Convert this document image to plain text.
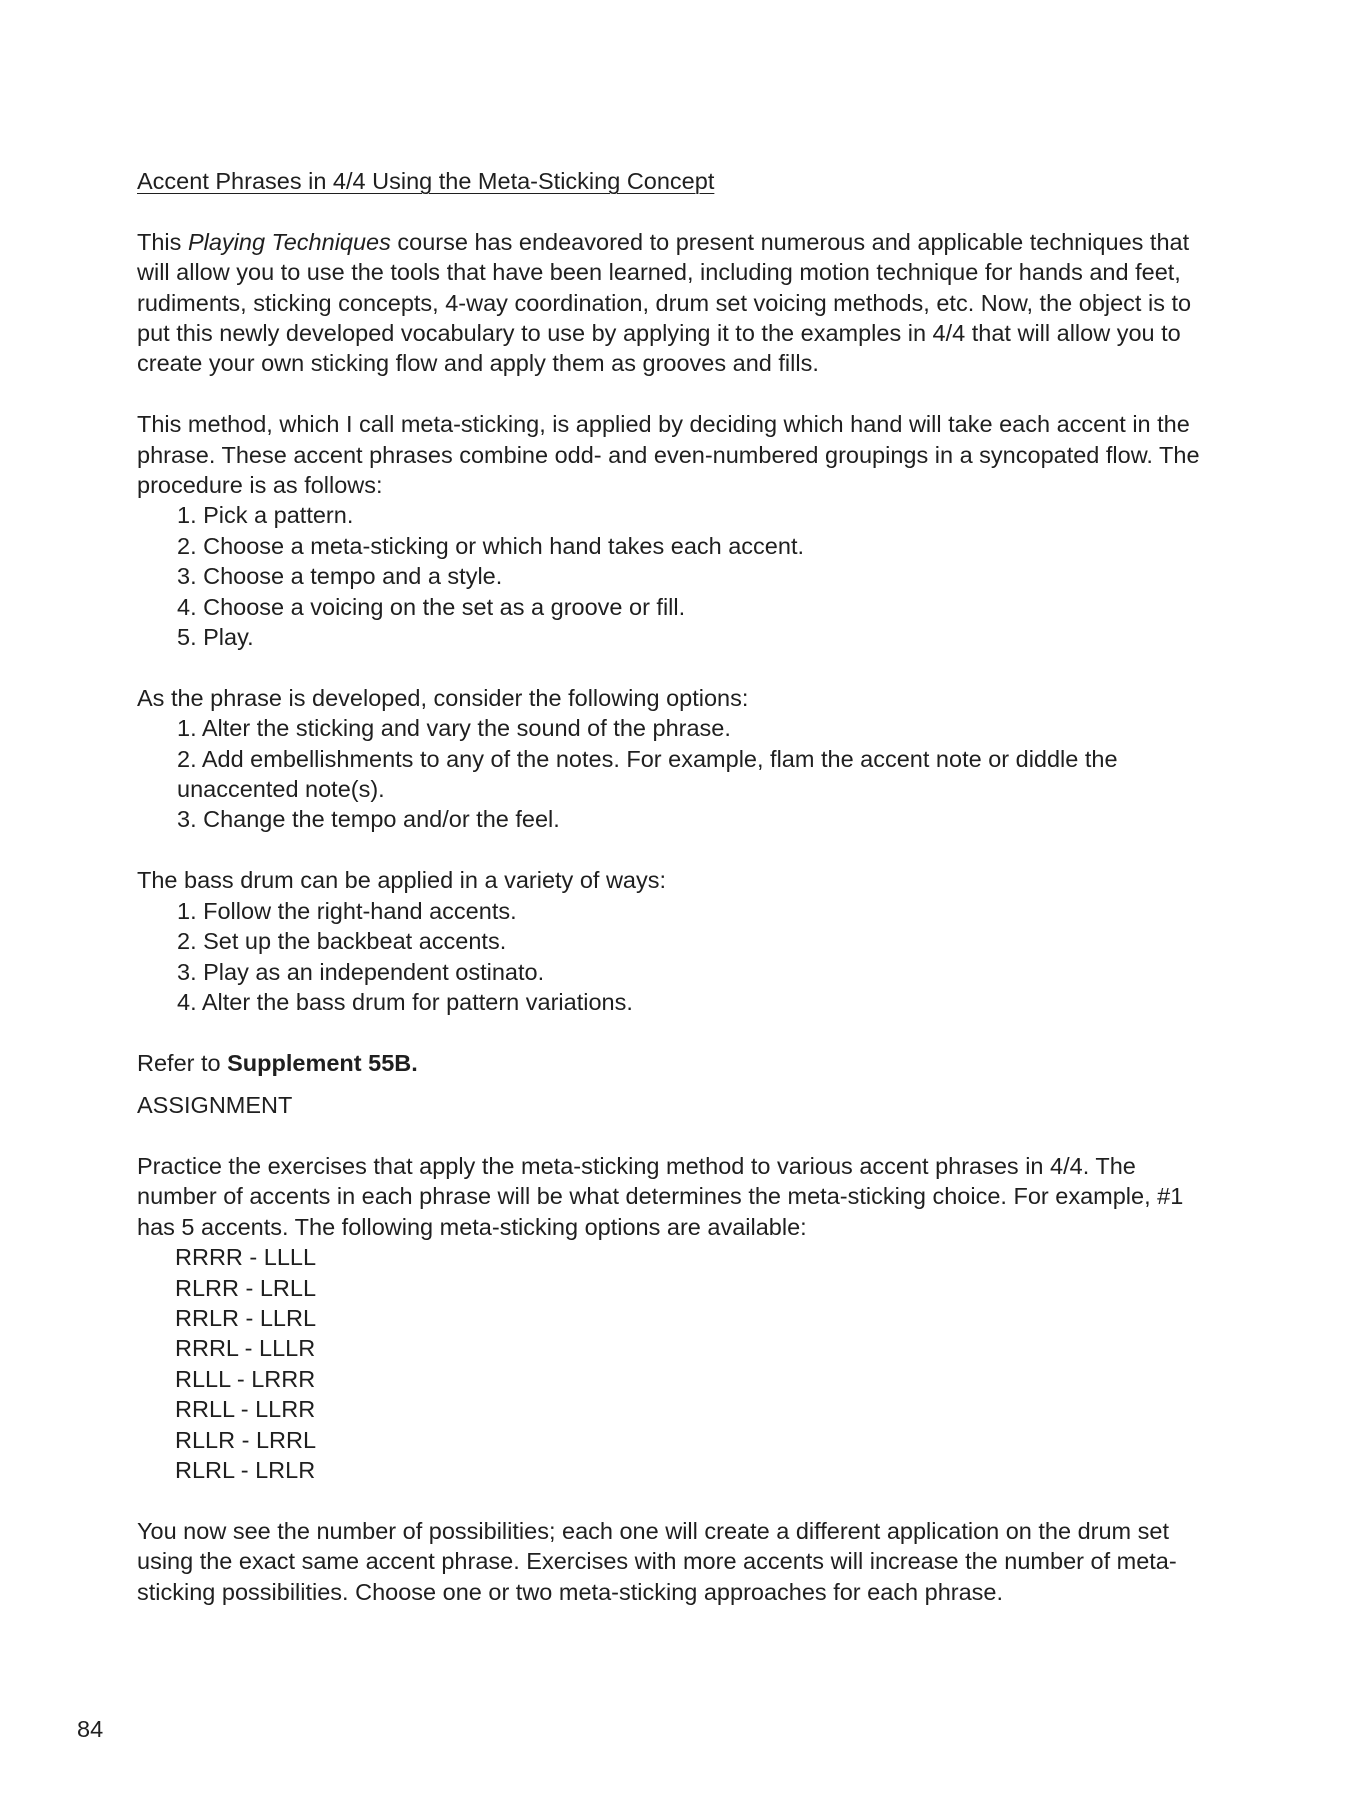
Accent Phrases in 4/4 Using the Meta-Sticking Concept

This Playing Techniques course has endeavored to present numerous and applicable techniques that will allow you to use the tools that have been learned, including motion technique for hands and feet, rudiments, sticking concepts, 4-way coordination, drum set voicing methods, etc. Now, the object is to put this newly developed vocabulary to use by applying it to the examples in 4/4 that will allow you to create your own sticking flow and apply them as grooves and fills.

This method, which I call meta-sticking, is applied by deciding which hand will take each accent in the phrase. These accent phrases combine odd- and even-numbered groupings in a syncopated flow. The procedure is as follows:

1. Pick a pattern.
2. Choose a meta-sticking or which hand takes each accent.
3. Choose a tempo and a style.
4. Choose a voicing on the set as a groove or fill.
5. Play.

As the phrase is developed, consider the following options:

1. Alter the sticking and vary the sound of the phrase.
2. Add embellishments to any of the notes. For example, flam the accent note or diddle the unaccented note(s).
3. Change the tempo and/or the feel.

The bass drum can be applied in a variety of ways:

1. Follow the right-hand accents.
2. Set up the backbeat accents.
3. Play as an independent ostinato.
4. Alter the bass drum for pattern variations.

Refer to Supplement 55B.

ASSIGNMENT

Practice the exercises that apply the meta-sticking method to various accent phrases in 4/4. The number of accents in each phrase will be what determines the meta-sticking choice. For example, #1 has 5 accents. The following meta-sticking options are available:

RRRR - LLLL
RLRR - LRLL
RRLR - LLRL
RRRL - LLLR
RLLL - LRRR
RRLL - LLRR
RLLR - LRRL
RLRL - LRLR

You now see the number of possibilities; each one will create a different application on the drum set using the exact same accent phrase. Exercises with more accents will increase the number of meta-sticking possibilities. Choose one or two meta-sticking approaches for each phrase.

84
